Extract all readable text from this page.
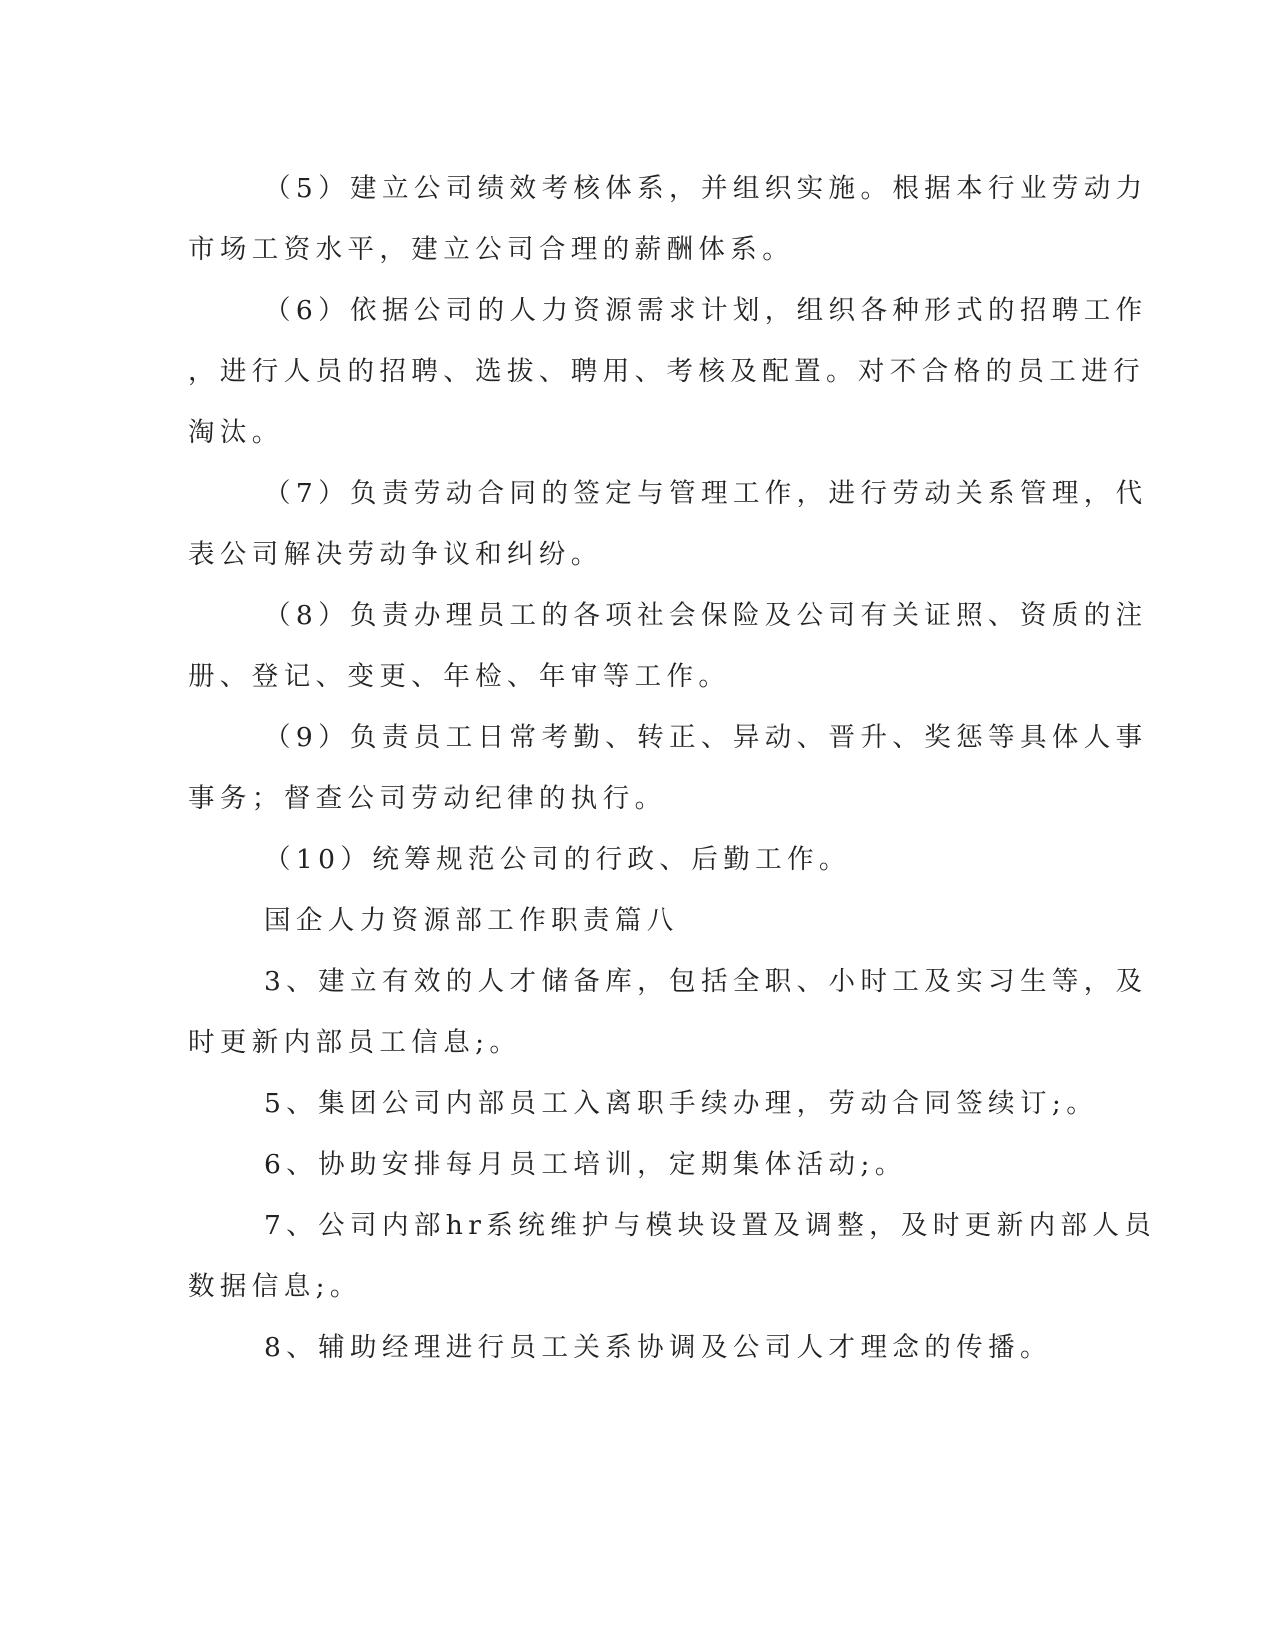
（5）建立公司绩效考核体系，并组织实施。根据本行业劳动力
市场工资水平，建立公司合理的薪酬体系。

（6）依据公司的人力资源需求计划，组织各种形式的招聘工作
，进行人员的招聘、选拔、聘用、考核及配置。对不合格的员工进行
淘汰。

（7）负责劳动合同的签定与管理工作，进行劳动关系管理，代
表公司解决劳动争议和纠纷。

（8）负责办理员工的各项社会保险及公司有关证照、资质的注
册、登记、变更、年检、年审等工作。

（9）负责员工日常考勤、转正、异动、晋升、奖惩等具体人事
事务；督查公司劳动纪律的执行。

（10）统筹规范公司的行政、后勤工作。

国企人力资源部工作职责篇八

3、建立有效的人才储备库，包括全职、小时工及实习生等，及
时更新内部员工信息;。

5、集团公司内部员工入离职手续办理，劳动合同签续订;。

6、协助安排每月员工培训，定期集体活动;。

7、公司内部hr系统维护与模块设置及调整，及时更新内部人员
数据信息;。

8、辅助经理进行员工关系协调及公司人才理念的传播。
